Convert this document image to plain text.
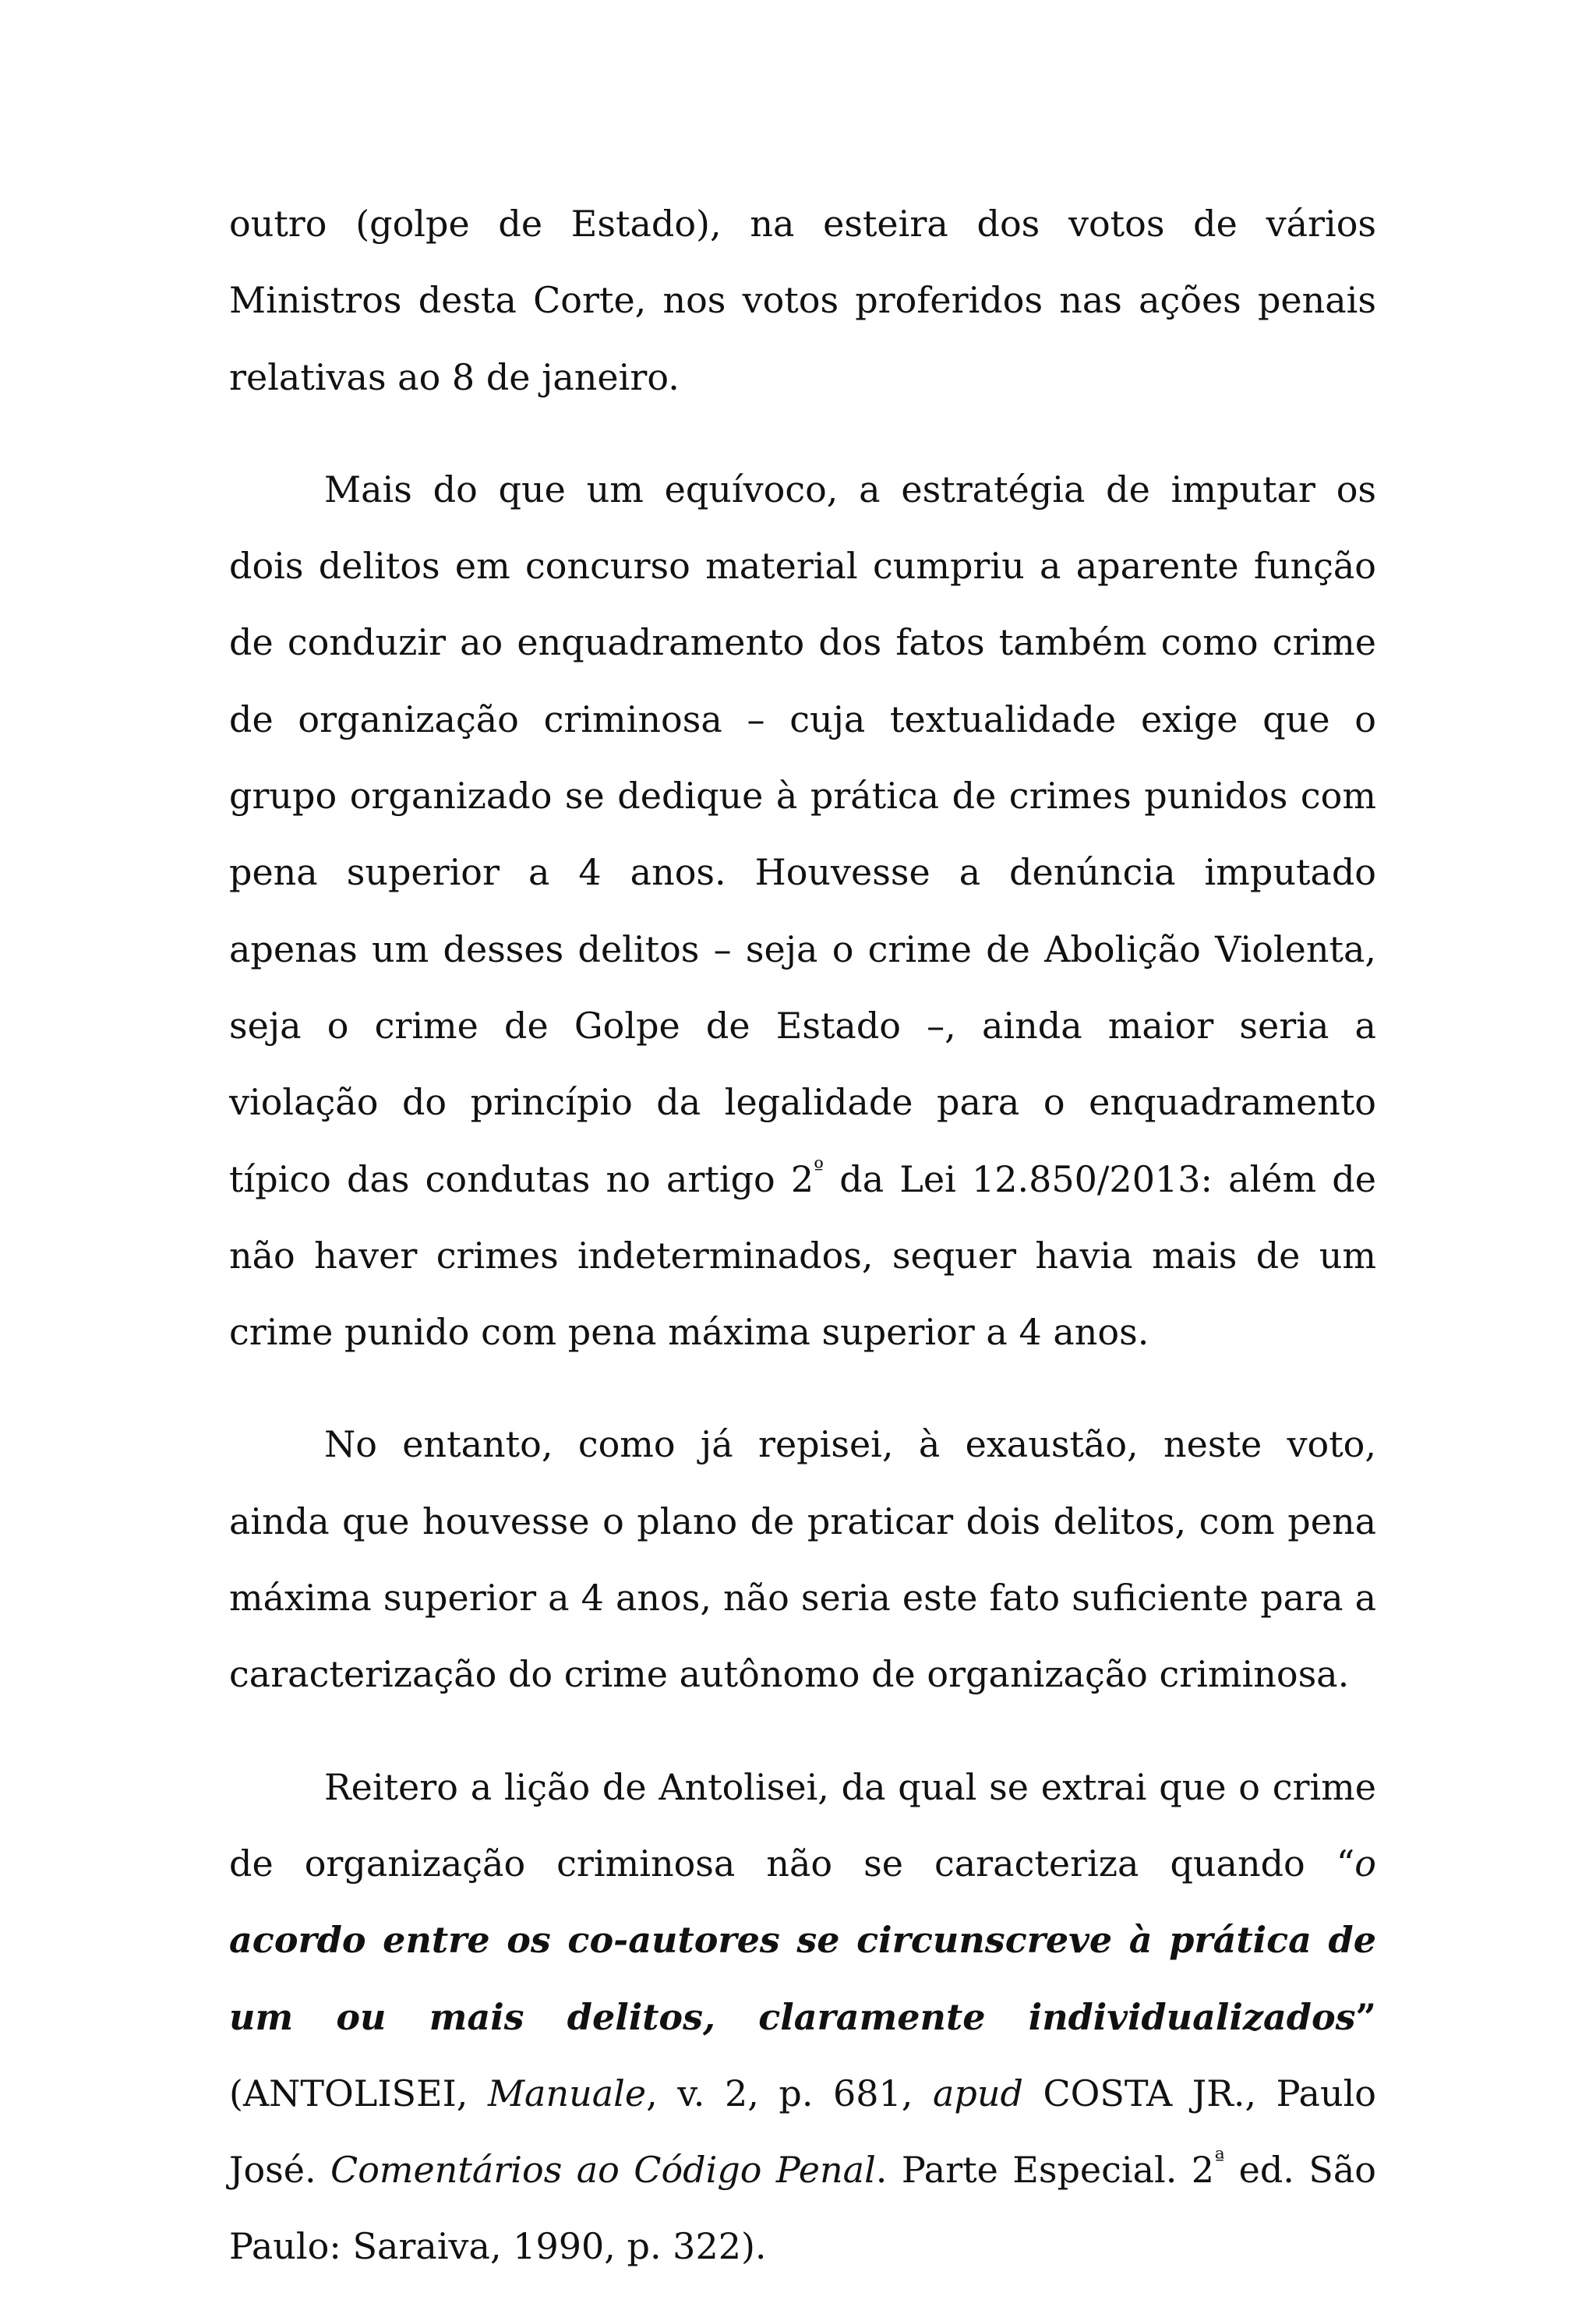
outro (golpe de Estado), na esteira dos votos de vários Ministros desta Corte, nos votos proferidos nas ações penais relativas ao 8 de janeiro.

Mais do que um equívoco, a estratégia de imputar os dois delitos em concurso material cumpriu a aparente função de conduzir ao enquadramento dos fatos também como crime de organização criminosa – cuja textualidade exige que o grupo organizado se dedique à prática de crimes punidos com pena superior a 4 anos. Houvesse a denúncia imputado apenas um desses delitos – seja o crime de Abolição Violenta, seja o crime de Golpe de Estado –, ainda maior seria a violação do princípio da legalidade para o enquadramento típico das condutas no artigo $2^º$ da Lei 12.850/2013: além de não haver crimes indeterminados, sequer havia mais de um crime punido com pena máxima superior a 4 anos.

No entanto, como já repisei, à exaustão, neste voto, ainda que houvesse o plano de praticar dois delitos, com pena máxima superior a 4 anos, não seria este fato suficiente para a caracterização do crime autônomo de organização criminosa.

Reitero a lição de Antolisei, da qual se extrai que o crime de organização criminosa não se caracteriza quando “o acordo entre os co-autores se circunscreve à prática de um ou mais delitos, claramente individualizados” (ANTOLISEI, Manuale, v. 2, p. 681, apud COSTA JR., Paulo José. Comentários ao Código Penal. Parte Especial. $2^ª$ ed. São Paulo: Saraiva, 1990, p. 322).
